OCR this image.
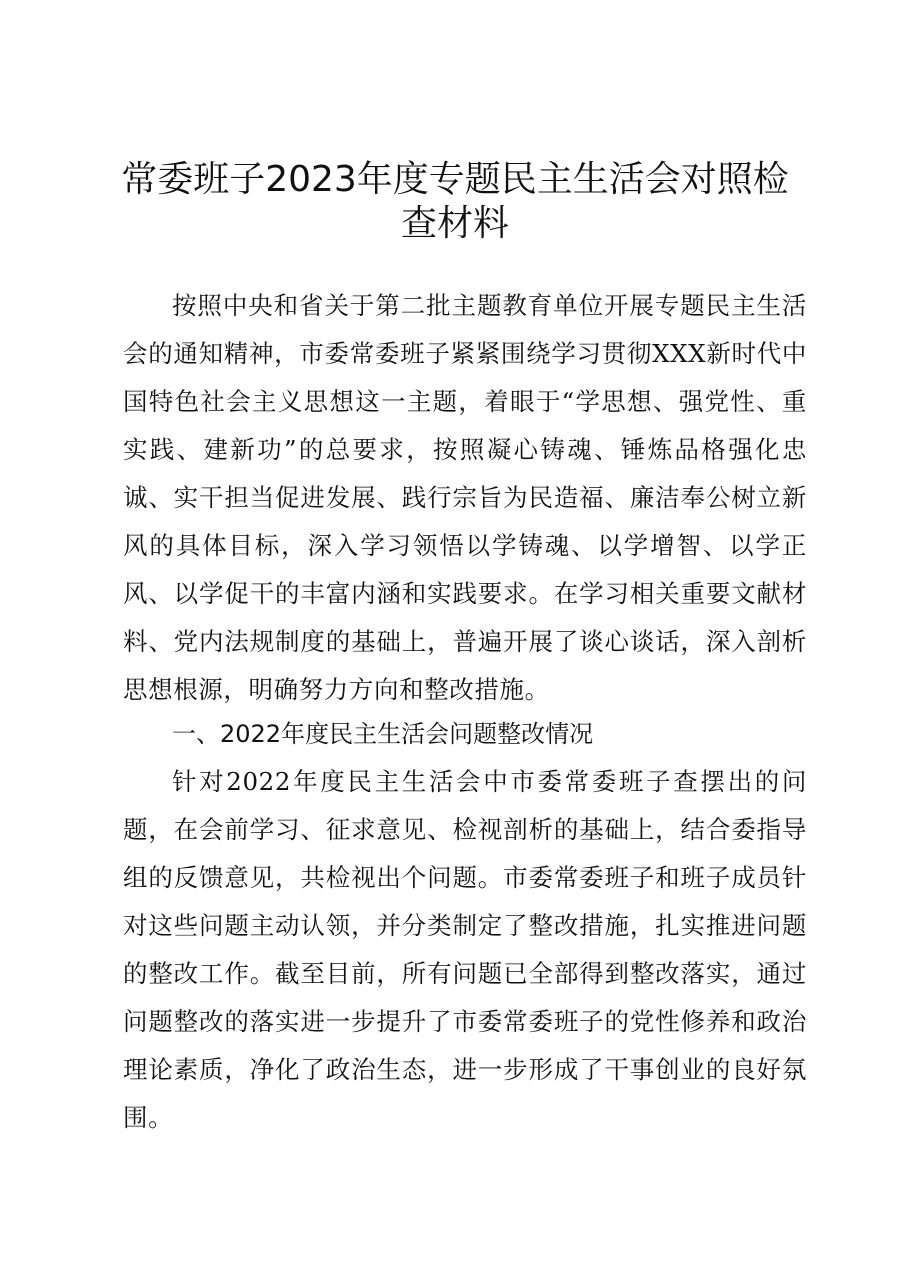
常委班子2023年度专题民主生活会对照检查材料

按照中央和省关于第二批主题教育单位开展专题民主生活会的通知精神，市委常委班子紧紧围绕学习贯彻XXX新时代中国特色社会主义思想这一主题，着眼于“学思想、强党性、重实践、建新功”的总要求，按照凝心铸魂、锤炼品格强化忠诚、实干担当促进发展、践行宗旨为民造福、廉洁奉公树立新风的具体目标，深入学习领悟以学铸魂、以学增智、以学正风、以学促干的丰富内涵和实践要求。在学习相关重要文献材料、党内法规制度的基础上，普遍开展了谈心谈话，深入剖析思想根源，明确努力方向和整改措施。

一、2022年度民主生活会问题整改情况

针对2022年度民主生活会中市委常委班子查摆出的问题，在会前学习、征求意见、检视剖析的基础上，结合委指导组的反馈意见，共检视出个问题。市委常委班子和班子成员针对这些问题主动认领，并分类制定了整改措施，扎实推进问题的整改工作。截至目前，所有问题已全部得到整改落实，通过问题整改的落实进一步提升了市委常委班子的党性修养和政治理论素质，净化了政治生态，进一步形成了干事创业的良好氛围。
